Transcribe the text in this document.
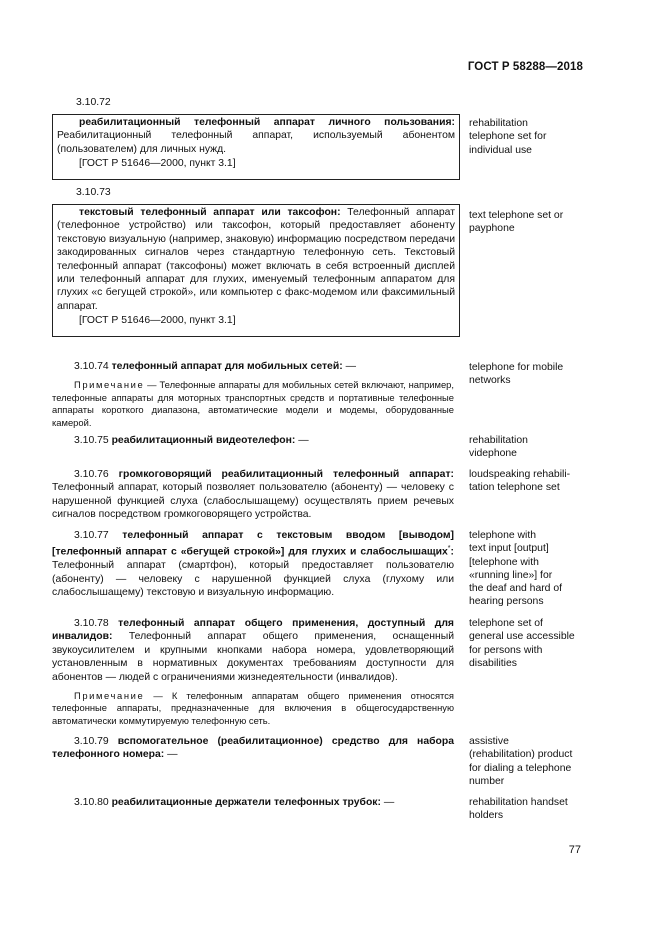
ГОСТ Р 58288—2018
3.10.72
реабилитационный телефонный аппарат личного пользования: Реабилитационный телефонный аппарат, используемый абонентом (пользователем) для личных нужд.
[ГОСТ Р 51646—2000, пункт 3.1]
rehabilitation
telephone set for
individual use
3.10.73
текстовый телефонный аппарат или таксофон: Телефонный аппарат (телефонное устройство) или таксофон, который предоставляет абоненту текстовую визуальную (например, знаковую) информацию посредством передачи закодированных сигналов через стандартную телефонную сеть. Текстовый телефонный аппарат (таксофоны) может включать в себя встроенный дисплей или телефонный аппарат для глухих, именуемый телефонным аппаратом для глухих «с бегущей строкой», или компьютер с факс-модемом или факсимильный аппарат.
[ГОСТ Р 51646—2000, пункт 3.1]
text telephone set or
payphone
3.10.74 телефонный аппарат для мобильных сетей: —
Примечание — Телефонные аппараты для мобильных сетей включают, например, телефонные аппараты для моторных транспортных средств и портативные телефонные аппараты короткого диапазона, автоматические модели и модемы, оборудованные камерой.
telephone for mobile
networks
3.10.75 реабилитационный видеотелефон: —	rehabilitation
videphone
3.10.76 громкоговорящий реабилитационный телефонный аппарат: Телефонный аппарат, который позволяет пользователю (абоненту) — человеку с нарушенной функцией слуха (слабослышащему) осуществлять прием речевых сигналов посредством громкоговорящего устройства.
loudspeaking rehabili-
tation telephone set
3.10.77 телефонный аппарат с текстовым вводом [выводом] [телефонный аппарат с «бегущей строкой»] для глухих и слабослышащих*: Телефонный аппарат (смартфон), который предоставляет пользователю (абоненту) — человеку с нарушенной функцией слуха (глухому или слабослышащему) текстовую и визуальную информацию.
telephone with
text input [output]
[telephone with
«running line»] for
the deaf and hard of
hearing persons
3.10.78 телефонный аппарат общего применения, доступный для инвалидов: Телефонный аппарат общего применения, оснащенный звукоусилителем и крупными кнопками набора номера, удовлетворяющий установленным в нормативных документах требованиям доступности для абонентов — людей с ограничениями жизнедеятельности (инвалидов).
Примечание — К телефонным аппаратам общего применения относятся телефонные аппараты, предназначенные для включения в общегосударственную автоматически коммутируемую телефонную сеть.
telephone set of
general use accessible
for persons with
disabilities
3.10.79 вспомогательное (реабилитационное) средство для набора телефонного номера: —
assistive
(rehabilitation) product
for dialing a telephone
number
3.10.80 реабилитационные держатели телефонных трубок: —	rehabilitation handset
holders
77
